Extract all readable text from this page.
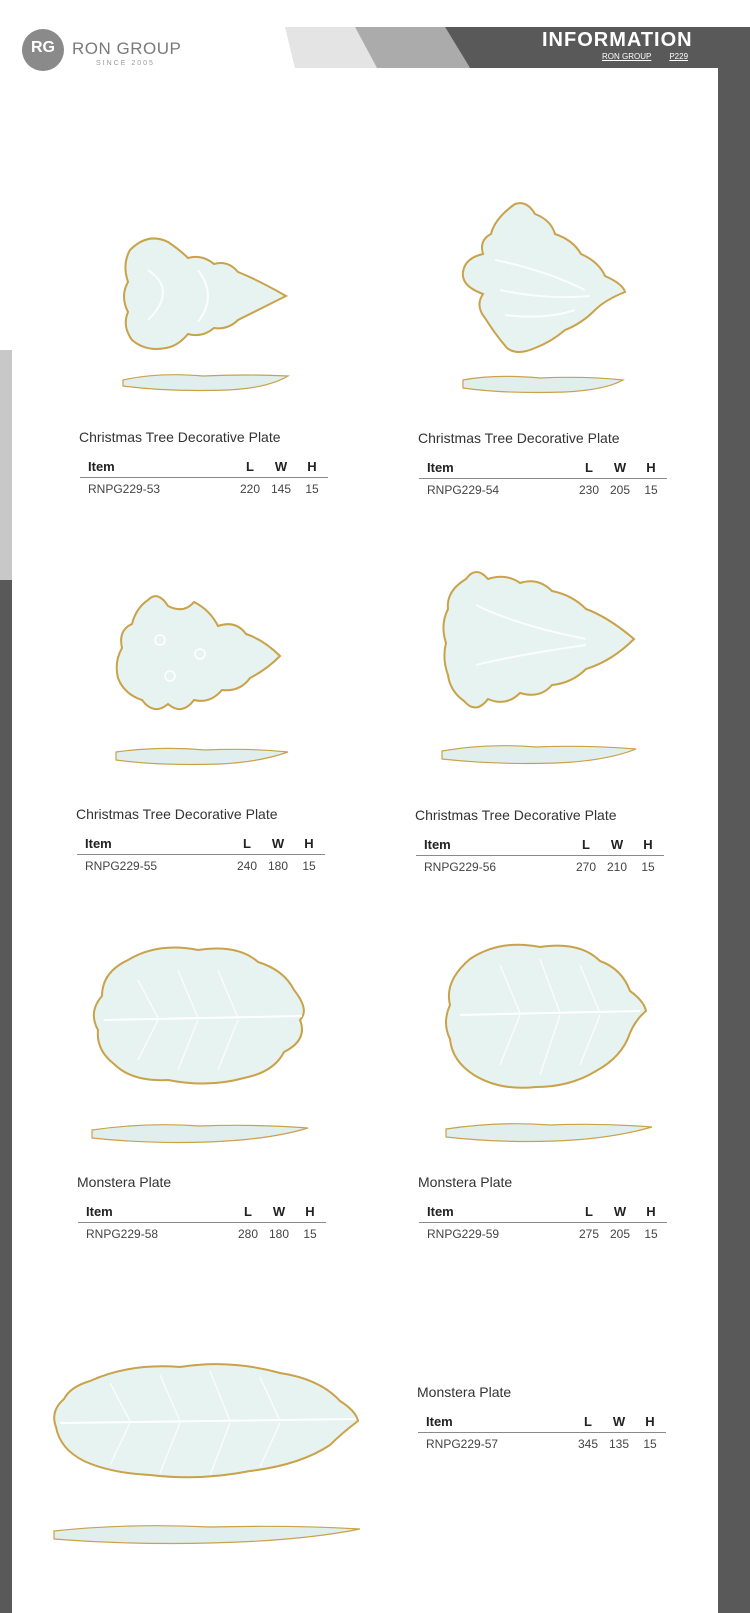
RG	RON GROUP
SINCE 2005
INFORMATION
RON GROUP P229
Christmas Tree Decorative Plate
Item	L	W	H
RNPG229-53	220 145	15
Christmas Tree Decorative Plate
Item	L	W	H
RNPG229-54	230 205	15
Christmas Tree Decorative Plate
Item	L	W	H
RNPG229-55	240 180	15
Christmas Tree Decorative Plate
Item	L	W	H
RNPG229-56	270 210	15
Monstera Plate
Item	L	W	H
RNPG229-58	280 180	15
Monstera Plate
Item	L	W	H
RNPG229-59	275 205	15
Monstera Plate
Item	L	W	H
RNPG229-57	345 135	15
